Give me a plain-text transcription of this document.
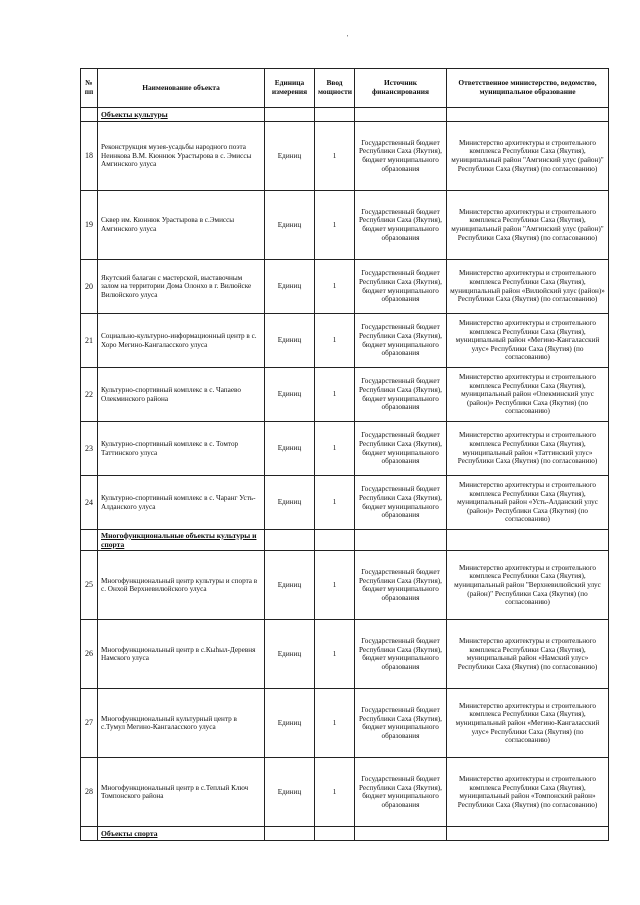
'
№ пп	Наименование объекта	Единица измерения	Ввод мощности	Источник финансирования	Ответственное министерство, ведомство, муниципальное образование
	Объекты культуры				
18	Реконструкция музея-усадьбы народного поэта Неинкова В.М. Кюннюк Урастырова в с. Эмиссы Амгинского улуса	Единиц	1	Государственный бюджет Республики Саха (Якутия), бюджет муниципального образования	Министерство архитектуры и строительного комплекса Республики Саха (Якутия), муниципальный район "Амгинский улус (район)" Республики Саха (Якутия) (по согласованию)
19	Сквер им. Кюннюк Урастырова в с.Эмиссы Амгинского улуса	Единиц	1	Государственный бюджет Республики Саха (Якутия), бюджет муниципального образования	Министерство архитектуры и строительного комплекса Республики Саха (Якутия), муниципальный район "Амгинский улус (район)" Республики Саха (Якутия) (по согласованию)
20	Якутский балаган с мастерской, выставочным залом на территории Дома Олонхо в г. Вилюйске Вилюйского улуса	Единиц	1	Государственный бюджет Республики Саха (Якутия), бюджет муниципального образования	Министерство архитектуры и строительного комплекса Республики Саха (Якутия), муниципальный район «Вилюйский улус (район)» Республики Саха (Якутия) (по согласованию)
21	Социально-культурно-информационный центр в с. Хоро Мегино-Кангаласского улуса	Единиц	1	Государственный бюджет Республики Саха (Якутия), бюджет муниципального образования	Министерство архитектуры и строительного комплекса Республики Саха (Якутия), муниципальный район «Мегино-Кангаласский улус» Республики Саха (Якутия) (по согласованию)
22	Культурно-спортивный комплекс в с. Чапаево Олекминского района	Единиц	1	Государственный бюджет Республики Саха (Якутия), бюджет муниципального образования	Министерство архитектуры и строительного комплекса Республики Саха (Якутия), муниципальный район «Олекминский улус (район)» Республики Саха (Якутия) (по согласованию)
23	Культурно-спортивный комплекс в с. Томтор Таттинского улуса	Единиц	1	Государственный бюджет Республики Саха (Якутия), бюджет муниципального образования	Министерство архитектуры и строительного комплекса Республики Саха (Якутия), муниципальный район «Таттинский улус» Республики Саха (Якутия) (по согласованию)
24	Культурно-спортивный комплекс в с. Чаранг Усть-Алданского улуса	Единиц	1	Государственный бюджет Республики Саха (Якутия), бюджет муниципального образования	Министерство архитектуры и строительного комплекса Республики Саха (Якутия), муниципальный район «Усть-Алданский улус (район)» Республики Саха (Якутия) (по согласованию)
	Многофункциональные объекты культуры и спорта				
25	Многофункциональный центр культуры и спорта в с. Онхой Верхневилюйского улуса	Единиц	1	Государственный бюджет Республики Саха (Якутия), бюджет муниципального образования	Министерство архитектуры и строительного комплекса Республики Саха (Якутия), муниципальный район "Верхневилюйский улус (район)" Республики Саха (Якутия) (по согласованию)
26	Многофункциональный центр в с.Кыһыл-Деревня Намского улуса	Единиц	1	Государственный бюджет Республики Саха (Якутия), бюджет муниципального образования	Министерство архитектуры и строительного комплекса Республики Саха (Якутия), муниципальный район «Намский улус» Республики Саха (Якутия) (по согласованию)
27	Многофункциональный культурный центр в с.Тумул Мегино-Кангаласского улуса	Единиц	1	Государственный бюджет Республики Саха (Якутия), бюджет муниципального образования	Министерство архитектуры и строительного комплекса Республики Саха (Якутия), муниципальный район «Мегино-Кангаласский улус» Республики Саха (Якутия) (по согласованию)
28	Многофункциональный центр в с.Теплый Ключ Томпонского района	Единиц	1	Государственный бюджет Республики Саха (Якутия), бюджет муниципального образования	Министерство архитектуры и строительного комплекса Республики Саха (Якутия), муниципальный район «Томпонский район» Республики Саха (Якутия) (по согласованию)
	Объекты спорта				
